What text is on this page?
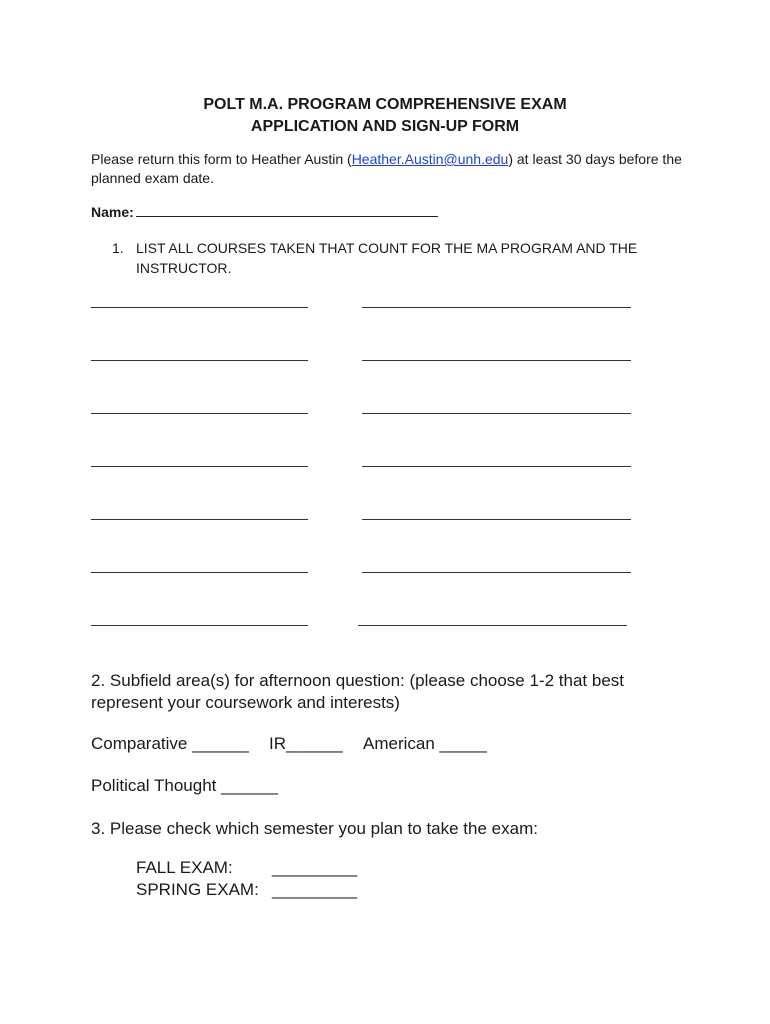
POLT M.A. PROGRAM COMPREHENSIVE EXAM
APPLICATION AND SIGN-UP FORM
Please return this form to Heather Austin (Heather.Austin@unh.edu) at least 30 days before the planned exam date.
Name:
1. LIST ALL COURSES TAKEN THAT COUNT FOR THE MA PROGRAM AND THE INSTRUCTOR.
2. Subfield area(s) for afternoon question: (please choose 1-2 that best represent your coursework and interests)
Comparative ______ IR______ American _____
Political Thought ______
3. Please check which semester you plan to take the exam:
FALL EXAM: _________
SPRING EXAM: _________
